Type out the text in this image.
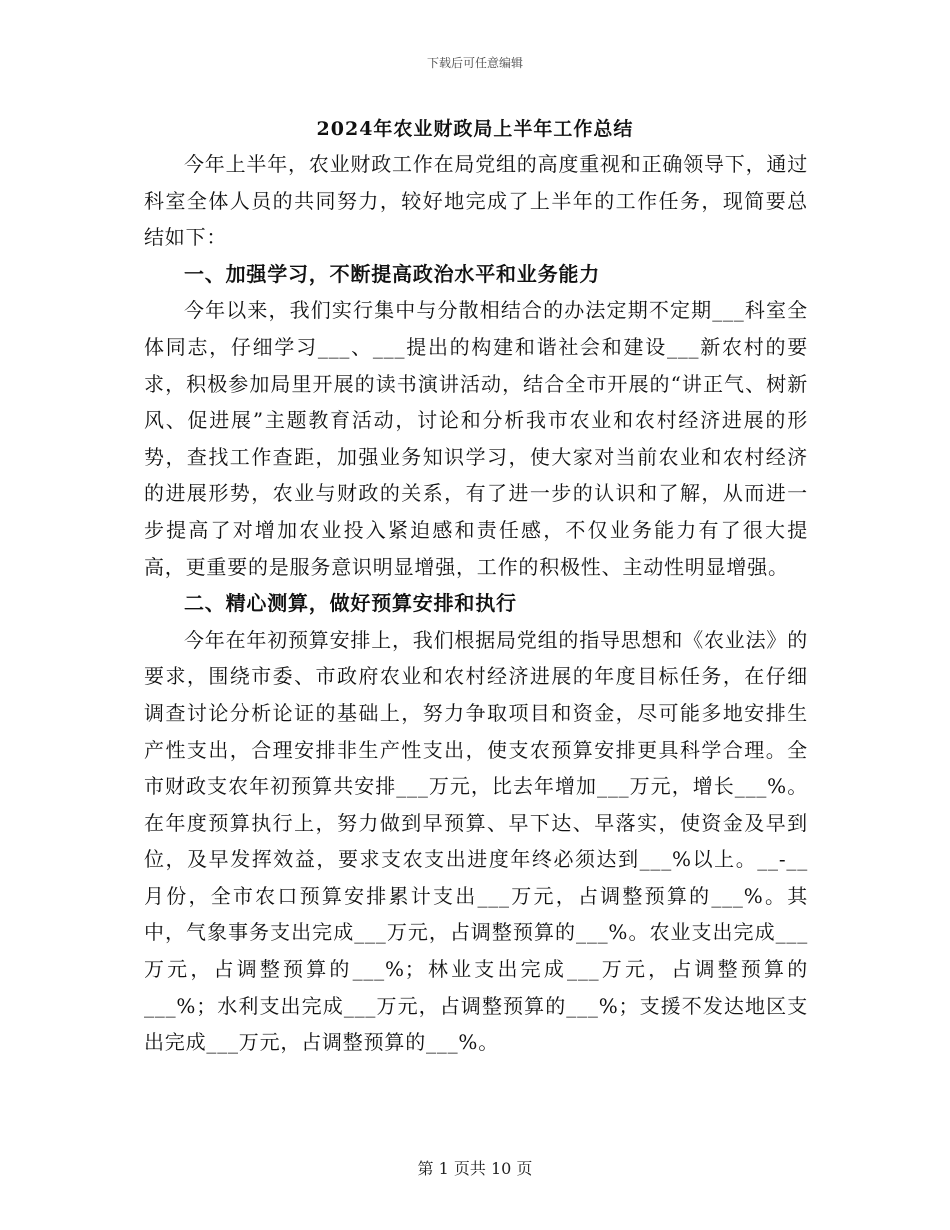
下载后可任意编辑
2024年农业财政局上半年工作总结

今年上半年，农业财政工作在局党组的高度重视和正确领导下，通过科室全体人员的共同努力，较好地完成了上半年的工作任务，现简要总结如下：

一、加强学习，不断提高政治水平和业务能力

今年以来，我们实行集中与分散相结合的办法定期不定期___科室全体同志，仔细学习___、___提出的构建和谐社会和建设___新农村的要求，积极参加局里开展的读书演讲活动，结合全市开展的“讲正气、树新风、促进展”主题教育活动，讨论和分析我市农业和农村经济进展的形势，查找工作查距，加强业务知识学习，使大家对当前农业和农村经济的进展形势，农业与财政的关系，有了进一步的认识和了解，从而进一步提高了对增加农业投入紧迫感和责任感，不仅业务能力有了很大提高，更重要的是服务意识明显增强，工作的积极性、主动性明显增强。

二、精心测算，做好预算安排和执行

今年在年初预算安排上，我们根据局党组的指导思想和《农业法》的要求，围绕市委、市政府农业和农村经济进展的年度目标任务，在仔细调查讨论分析论证的基础上，努力争取项目和资金，尽可能多地安排生产性支出，合理安排非生产性支出，使支农预算安排更具科学合理。全市财政支农年初预算共安排___万元，比去年增加___万元，增长___%。在年度预算执行上，努力做到早预算、早下达、早落实，使资金及早到位，及早发挥效益，要求支农支出进度年终必须达到___%以上。__-__月份，全市农口预算安排累计支出___万元，占调整预算的___%。其中，气象事务支出完成___万元，占调整预算的___%。农业支出完成___万元，占调整预算的___%；林业支出完成___万元，占调整预算的___%；水利支出完成___万元，占调整预算的___%；支援不发达地区支出完成___万元，占调整预算的___%。

第 1 页共 10 页
